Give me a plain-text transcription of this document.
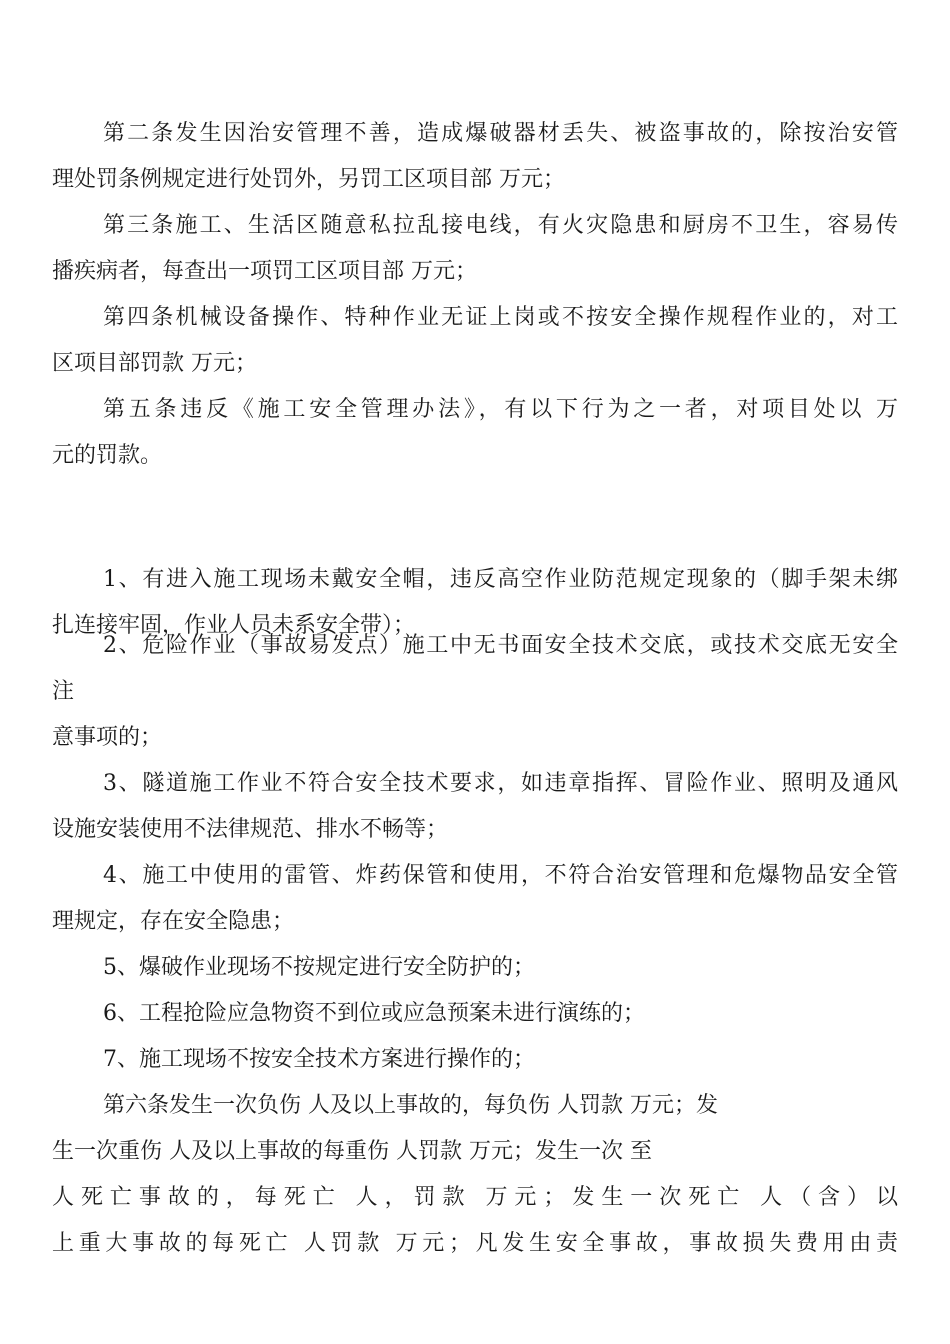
第二条发生因治安管理不善，造成爆破器材丢失、被盗事故的，除按治安管
理处罚条例规定进行处罚外，另罚工区项目部 万元；
第三条施工、生活区随意私拉乱接电线，有火灾隐患和厨房不卫生，容易传
播疾病者，每查出一项罚工区项目部 万元；
第四条机械设备操作、特种作业无证上岗或不按安全操作规程作业的，对工
区项目部罚款 万元；
第五条违反《施工安全管理办法》，有以下行为之一者，对项目处以 万
元的罚款。
1、有进入施工现场未戴安全帽，违反高空作业防范规定现象的（脚手架未绑
扎连接牢固，作业人员未系安全带）；
2、危险作业（事故易发点）施工中无书面安全技术交底，或技术交底无安全
注
意事项的；
3、隧道施工作业不符合安全技术要求，如违章指挥、冒险作业、照明及通风
设施安装使用不法律规范、排水不畅等；
4、施工中使用的雷管、炸药保管和使用，不符合治安管理和危爆物品安全管
理规定，存在安全隐患；
5、爆破作业现场不按规定进行安全防护的；
6、工程抢险应急物资不到位或应急预案未进行演练的；
7、施工现场不按安全技术方案进行操作的；
第六条发生一次负伤 人及以上事故的，每负伤 人罚款 万元；发
生一次重伤 人及以上事故的每重伤 人罚款 万元；发生一次 至
人死亡事故的，每死亡 人，罚款 万元；发生一次死亡 人（含）以
上重大事故的每死亡 人罚款 万元；凡发生安全事故，事故损失费用由责
